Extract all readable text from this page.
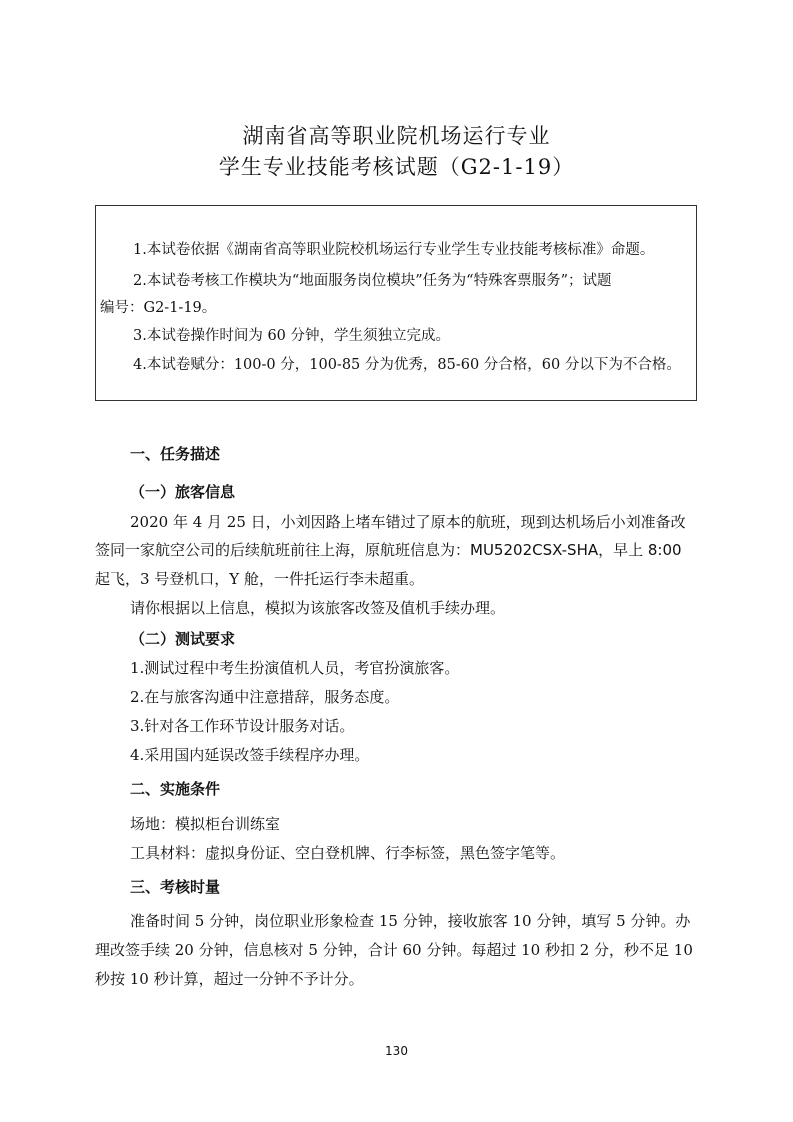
湖南省高等职业院机场运行专业
学生专业技能考核试题（G2-1-19）
1.本试卷依据《湖南省高等职业院校机场运行专业学生专业技能考核标准》命题。
2.本试卷考核工作模块为“地面服务岗位模块”任务为“特殊客票服务”；试题
编号：G2-1-19。
3.本试卷操作时间为 60 分钟，学生须独立完成。
4.本试卷赋分：100-0 分，100-85 分为优秀，85-60 分合格，60 分以下为不合格。
一、任务描述
（一）旅客信息
2020 年 4 月 25 日，小刘因路上堵车错过了原本的航班，现到达机场后小刘准备改
签同一家航空公司的后续航班前往上海，原航班信息为：MU5202CSX-SHA，早上 8:00
起飞，3 号登机口，Y 舱，一件托运行李未超重。
请你根据以上信息，模拟为该旅客改签及值机手续办理。
（二）测试要求
1.测试过程中考生扮演值机人员，考官扮演旅客。
2.在与旅客沟通中注意措辞，服务态度。
3.针对各工作环节设计服务对话。
4.采用国内延误改签手续程序办理。
二、实施条件
场地：模拟柜台训练室
工具材料：虚拟身份证、空白登机牌、行李标签，黑色签字笔等。
三、考核时量
准备时间 5 分钟，岗位职业形象检查 15 分钟，接收旅客 10 分钟，填写 5 分钟。办
理改签手续 20 分钟，信息核对 5 分钟，合计 60 分钟。每超过 10 秒扣 2 分，秒不足 10
秒按 10 秒计算，超过一分钟不予计分。
130
